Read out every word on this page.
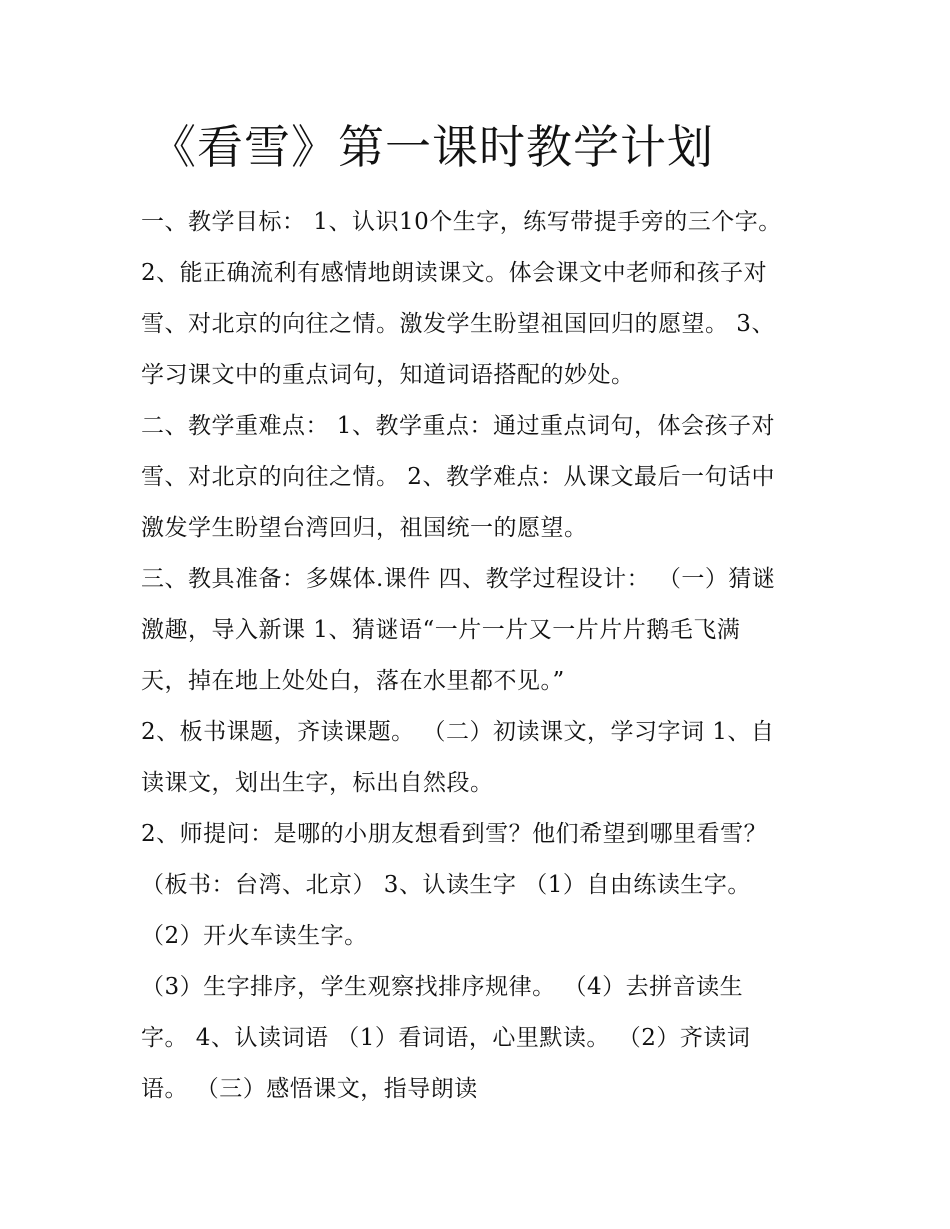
《看雪》第一课时教学计划

一、教学目标： 1、认识10个生字，练写带提手旁的三个字。

2、能正确流利有感情地朗读课文。体会课文中老师和孩子对

雪、对北京的向往之情。激发学生盼望祖国回归的愿望。 3、

学习课文中的重点词句，知道词语搭配的妙处。

二、教学重难点： 1、教学重点：通过重点词句，体会孩子对

雪、对北京的向往之情。 2、教学难点：从课文最后一句话中

激发学生盼望台湾回归，祖国统一的愿望。

三、教具准备：多媒体.课件 四、教学过程设计： （一）猜谜

激趣，导入新课 1、猜谜语“一片一片又一片片片鹅毛飞满

天，掉在地上处处白，落在水里都不见。”

2、板书课题，齐读课题。 （二）初读课文，学习字词 1、自

读课文，划出生字，标出自然段。

2、师提问：是哪的小朋友想看到雪？他们希望到哪里看雪？

（板书：台湾、北京） 3、认读生字 （1）自由练读生字。

（2）开火车读生字。

（3）生字排序，学生观察找排序规律。 （4）去拼音读生

字。 4、认读词语 （1）看词语，心里默读。 （2）齐读词

语。 （三）感悟课文，指导朗读
